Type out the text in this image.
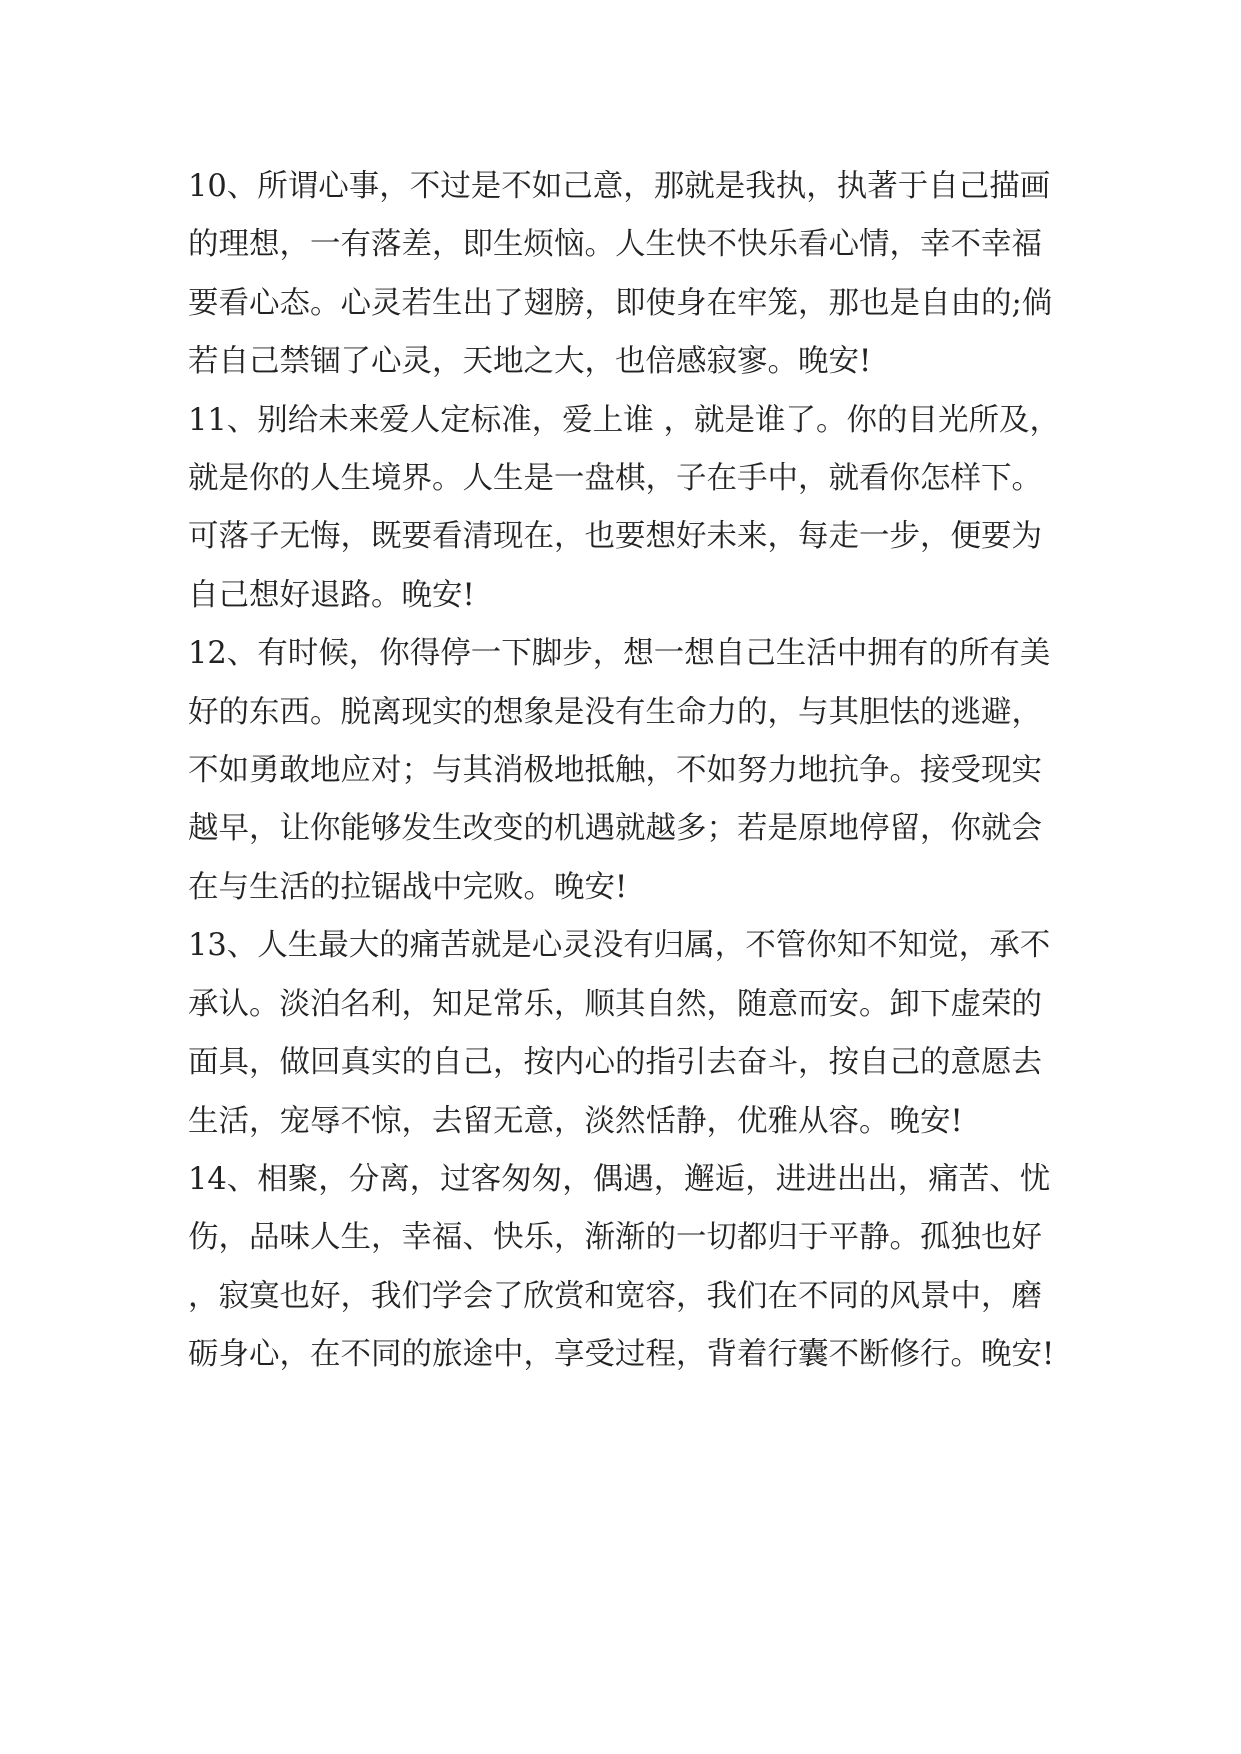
10、所谓心事，不过是不如己意，那就是我执，执著于自己描画的理想，一有落差，即生烦恼。人生快不快乐看心情，幸不幸福要看心态。心灵若生出了翅膀，即使身在牢笼，那也是自由的;倘若自己禁锢了心灵，天地之大，也倍感寂寥。晚安!

11、别给未来爱人定标准，爱上谁 ，就是谁了。你的目光所及，就是你的人生境界。人生是一盘棋，子在手中，就看你怎样下。可落子无悔，既要看清现在，也要想好未来，每走一步，便要为自己想好退路。晚安!

12、有时候，你得停一下脚步，想一想自己生活中拥有的所有美好的东西。脱离现实的想象是没有生命力的，与其胆怯的逃避，不如勇敢地应对；与其消极地抵触，不如努力地抗争。接受现实越早，让你能够发生改变的机遇就越多；若是原地停留，你就会在与生活的拉锯战中完败。晚安!

13、人生最大的痛苦就是心灵没有归属，不管你知不知觉，承不承认。淡泊名利，知足常乐，顺其自然，随意而安。卸下虚荣的面具，做回真实的自己，按内心的指引去奋斗，按自己的意愿去生活，宠辱不惊，去留无意，淡然恬静，优雅从容。晚安!

14、相聚，分离，过客匆匆，偶遇，邂逅，进进出出，痛苦、忧伤，品味人生，幸福、快乐，渐渐的一切都归于平静。孤独也好，寂寞也好，我们学会了欣赏和宽容，我们在不同的风景中，磨砺身心，在不同的旅途中，享受过程，背着行囊不断修行。晚安!
